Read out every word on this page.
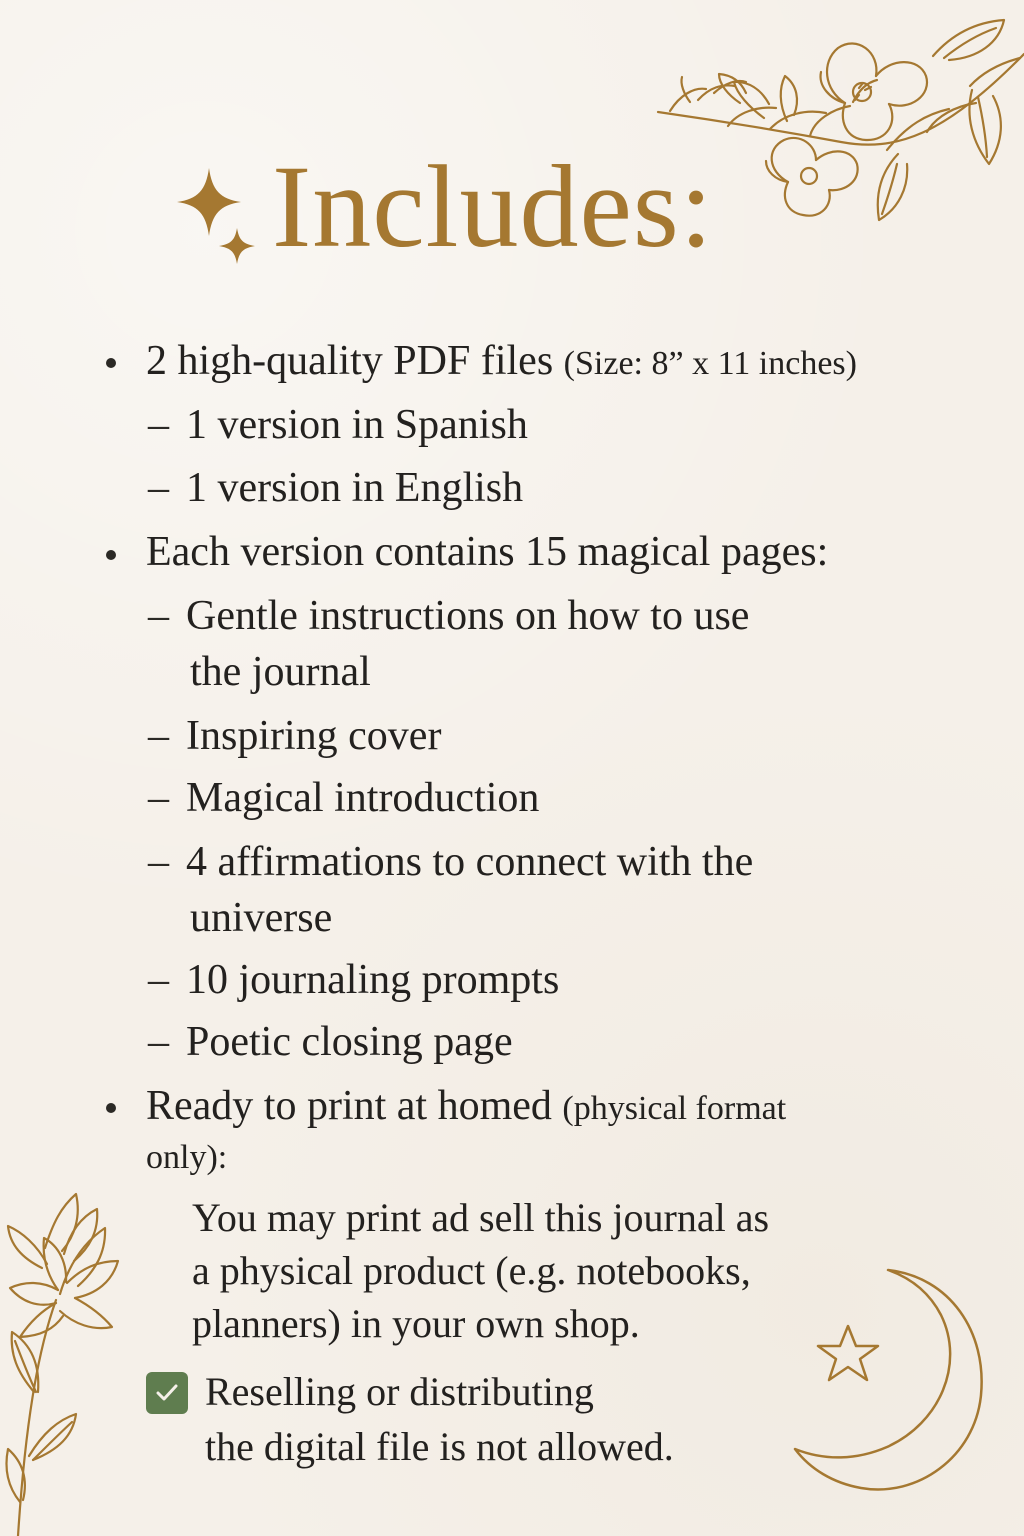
Includes:
2 high-quality PDF files (Size: 8” x 11 inches)
– 1 version in Spanish
– 1 version in English
Each version contains 15 magical pages:
– Gentle instructions on how to use
the journal
– Inspiring cover
– Magical introduction
– 4 affirmations to connect with the
universe
– 10 journaling prompts
– Poetic closing page
Ready to print at homed (physical format
only):
You may print ad sell this journal as
a physical product (e.g. notebooks,
planners) in your own shop.
Reselling or distributing
the digital file is not allowed.
